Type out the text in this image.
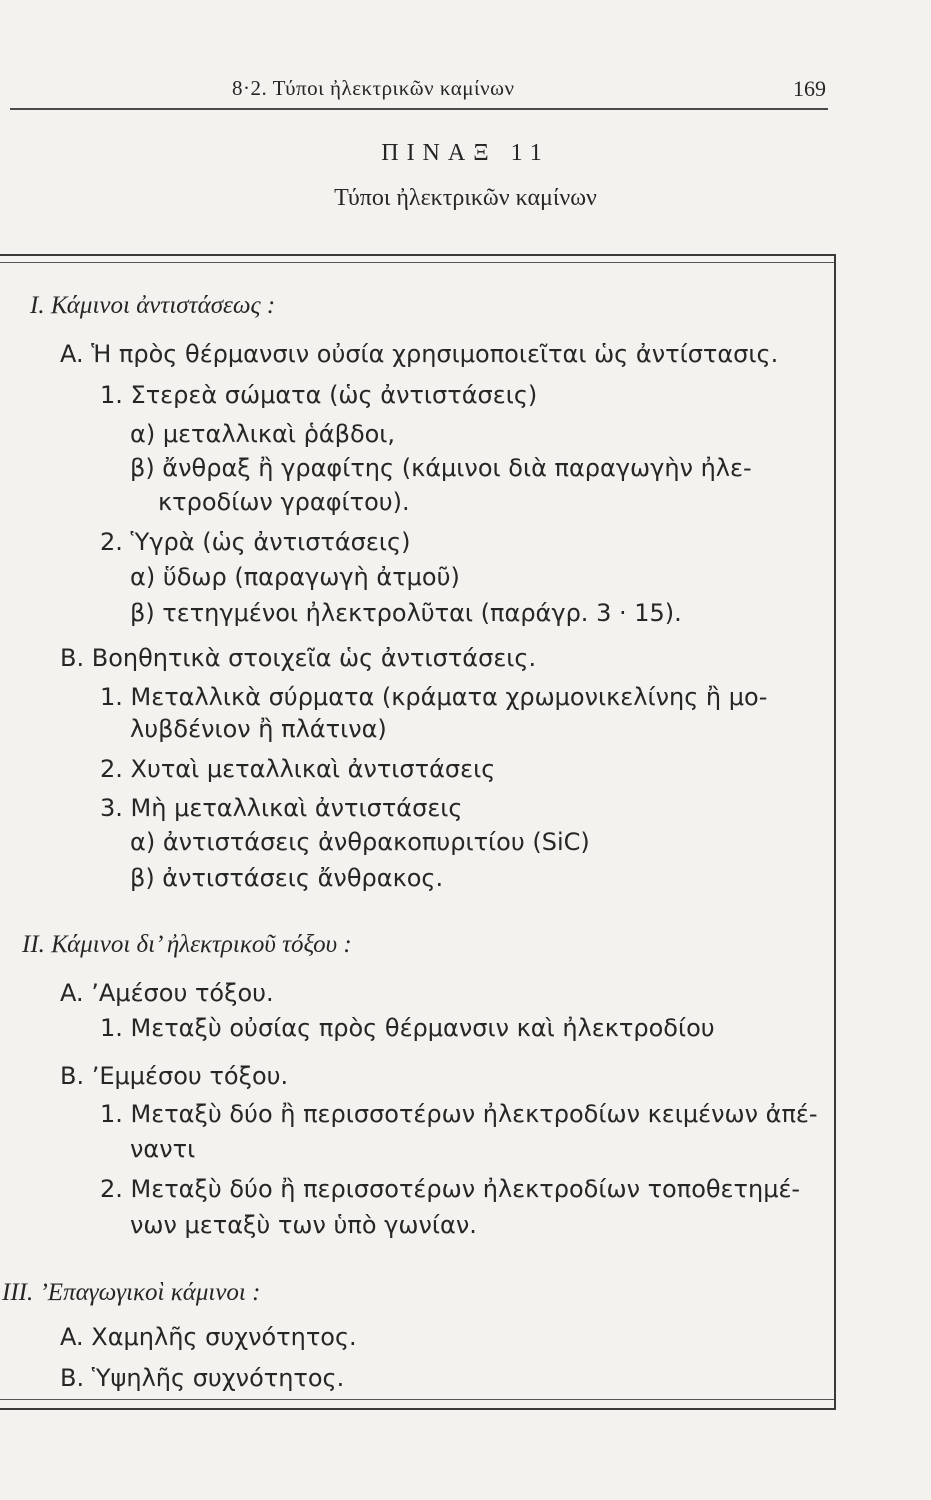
8·2. Τύποι ἠλεκτρικῶν καμίνων	169
ΠΙΝΑΞ 11
Τύποι ἠλεκτρικῶν καμίνων
I. Κάμινοι ἀντιστάσεως :
A. Ἡ πρὸς θέρμανσιν οὐσία χρησιμοποιεῖται ὡς ἀντίστασις.
1. Στερεὰ σώματα (ὡς ἀντιστάσεις)
α) μεταλλικαὶ ῥάβδοι,
β) ἄνθραξ ἢ γραφίτης (κάμινοι διὰ παραγωγὴν ἠλε-
κτροδίων γραφίτου).
2. Ὑγρὰ (ὡς ἀντιστάσεις)
α) ὕδωρ (παραγωγὴ ἀτμοῦ)
β) τετηγμένοι ἠλεκτρολῦται (παράγρ. 3 · 15).
B. Βοηθητικὰ στοιχεῖα ὡς ἀντιστάσεις.
1. Μεταλλικὰ σύρματα (κράματα χρωμονικελίνης ἢ μο-
λυβδένιον ἢ πλάτινα)
2. Χυταὶ μεταλλικαὶ ἀντιστάσεις
3. Μὴ μεταλλικαὶ ἀντιστάσεις
α) ἀντιστάσεις ἀνθρακοπυριτίου (SiC)
β) ἀντιστάσεις ἄνθρακος.
II. Κάμινοι δι’ ἠλεκτρικοῦ τόξου :
A. ’Αμέσου τόξου.
1. Μεταξὺ οὐσίας πρὸς θέρμανσιν καὶ ἠλεκτροδίου
B. ’Εμμέσου τόξου.
1. Μεταξὺ δύο ἢ περισσοτέρων ἠλεκτροδίων κειμένων ἀπέ-
ναντι
2. Μεταξὺ δύο ἢ περισσοτέρων ἠλεκτροδίων τοποθετημέ-
νων μεταξὺ των ὑπὸ γωνίαν.
III. ’Επαγωγικοὶ κάμινοι :
A. Χαμηλῆς συχνότητος.
B. Ὑψηλῆς συχνότητος.
